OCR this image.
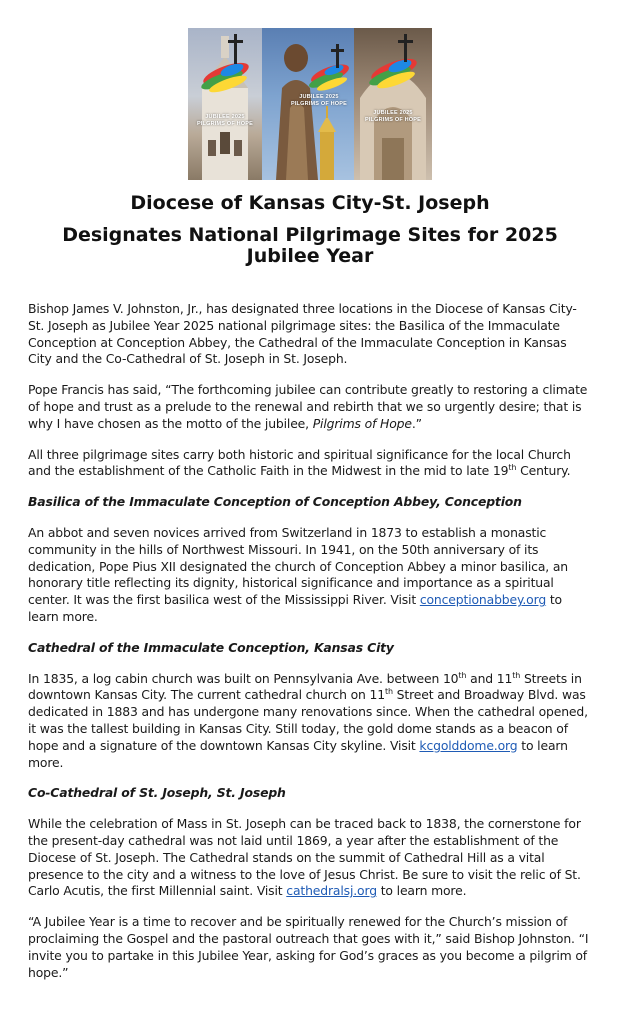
JUBILEE 2025
PILGRIMS OF HOPE
JUBILEE 2025
PILGRIMS OF HOPE
JUBILEE 2025
PILGRIMS OF HOPE
Diocese of Kansas City-St. Joseph
Designates National Pilgrimage Sites for 2025 Jubilee Year

Bishop James V. Johnston, Jr., has designated three locations in the Diocese of Kansas City-St. Joseph as Jubilee Year 2025 national pilgrimage sites: the Basilica of the Immaculate Conception at Conception Abbey, the Cathedral of the Immaculate Conception in Kansas City and the Co-Cathedral of St. Joseph in St. Joseph.

Pope Francis has said, “The forthcoming jubilee can contribute greatly to restoring a climate of hope and trust as a prelude to the renewal and rebirth that we so urgently desire; that is why I have chosen as the motto of the jubilee, Pilgrims of Hope.”

All three pilgrimage sites carry both historic and spiritual significance for the local Church and the establishment of the Catholic Faith in the Midwest in the mid to late 19th Century.

Basilica of the Immaculate Conception of Conception Abbey, Conception

An abbot and seven novices arrived from Switzerland in 1873 to establish a monastic community in the hills of Northwest Missouri. In 1941, on the 50th anniversary of its dedication, Pope Pius XII designated the church of Conception Abbey a minor basilica, an honorary title reflecting its dignity, historical significance and importance as a spiritual center. It was the first basilica west of the Mississippi River. Visit conceptionabbey.org to learn more.

Cathedral of the Immaculate Conception, Kansas City

In 1835, a log cabin church was built on Pennsylvania Ave. between 10th and 11th Streets in downtown Kansas City. The current cathedral church on 11th Street and Broadway Blvd. was dedicated in 1883 and has undergone many renovations since. When the cathedral opened, it was the tallest building in Kansas City. Still today, the gold dome stands as a beacon of hope and a signature of the downtown Kansas City skyline. Visit kcgolddome.org to learn more.

Co-Cathedral of St. Joseph, St. Joseph

While the celebration of Mass in St. Joseph can be traced back to 1838, the cornerstone for the present-day cathedral was not laid until 1869, a year after the establishment of the Diocese of St. Joseph. The Cathedral stands on the summit of Cathedral Hill as a vital presence to the city and a witness to the love of Jesus Christ. Be sure to visit the relic of St. Carlo Acutis, the first Millennial saint. Visit cathedralsj.org to learn more.

“A Jubilee Year is a time to recover and be spiritually renewed for the Church’s mission of proclaiming the Gospel and the pastoral outreach that goes with it,” said Bishop Johnston. “I invite you to partake in this Jubilee Year, asking for God’s graces as you become a pilgrim of hope.”
